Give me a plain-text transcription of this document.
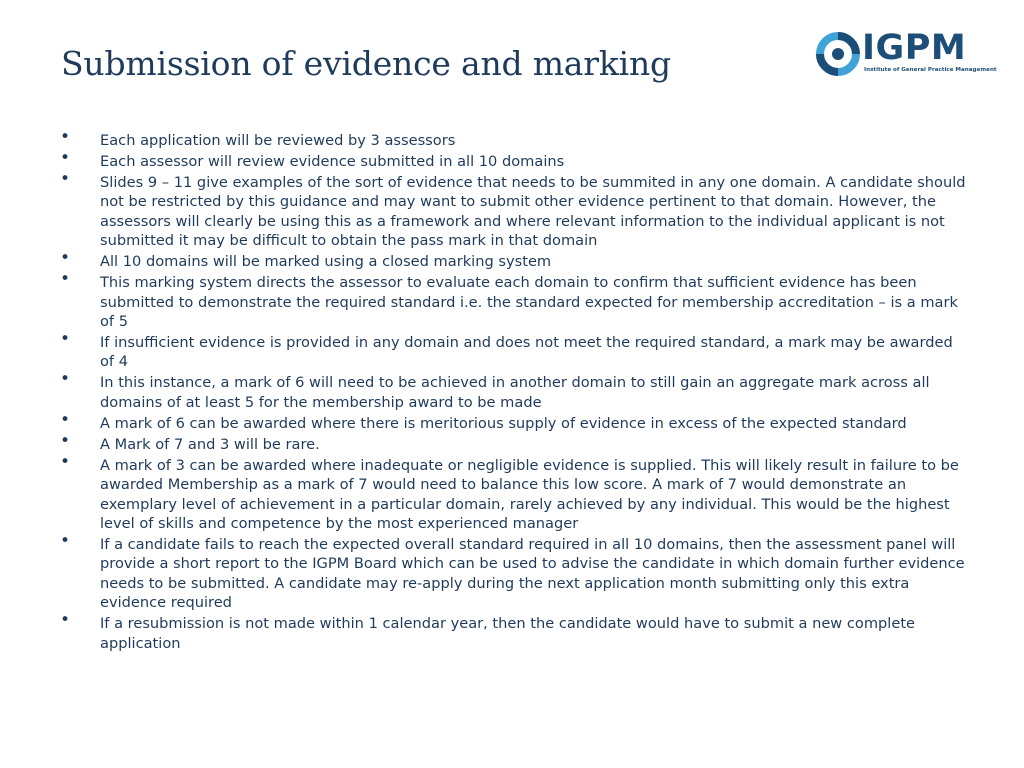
Submission of evidence and marking	IGPM
Institute of General Practice Management
• Each application will be reviewed by 3 assessors
• Each assessor will review evidence submitted in all 10 domains
• Slides 9 – 11 give examples of the sort of evidence that needs to be summited in any one domain. A candidate should not be restricted by this guidance and may want to submit other evidence pertinent to that domain. However, the assessors will clearly be using this as a framework and where relevant information to the individual applicant is not submitted it may be difficult to obtain the pass mark in that domain
• All 10 domains will be marked using a closed marking system
• This marking system directs the assessor to evaluate each domain to confirm that sufficient evidence has been submitted to demonstrate the required standard i.e. the standard expected for membership accreditation – is a mark of 5
• If insufficient evidence is provided in any domain and does not meet the required standard, a mark may be awarded of 4
• In this instance, a mark of 6 will need to be achieved in another domain to still gain an aggregate mark across all domains of at least 5 for the membership award to be made
• A mark of 6 can be awarded where there is meritorious supply of evidence in excess of the expected standard
• A Mark of 7 and 3 will be rare.
• A mark of 3 can be awarded where inadequate or negligible evidence is supplied. This will likely result in failure to be awarded Membership as a mark of 7 would need to balance this low score. A mark of 7 would demonstrate an exemplary level of achievement in a particular domain, rarely achieved by any individual. This would be the highest level of skills and competence by the most experienced manager
• If a candidate fails to reach the expected overall standard required in all 10 domains, then the assessment panel will provide a short report to the IGPM Board which can be used to advise the candidate in which domain further evidence needs to be submitted. A candidate may re-apply during the next application month submitting only this extra evidence required
• If a resubmission is not made within 1 calendar year, then the candidate would have to submit a new complete application
